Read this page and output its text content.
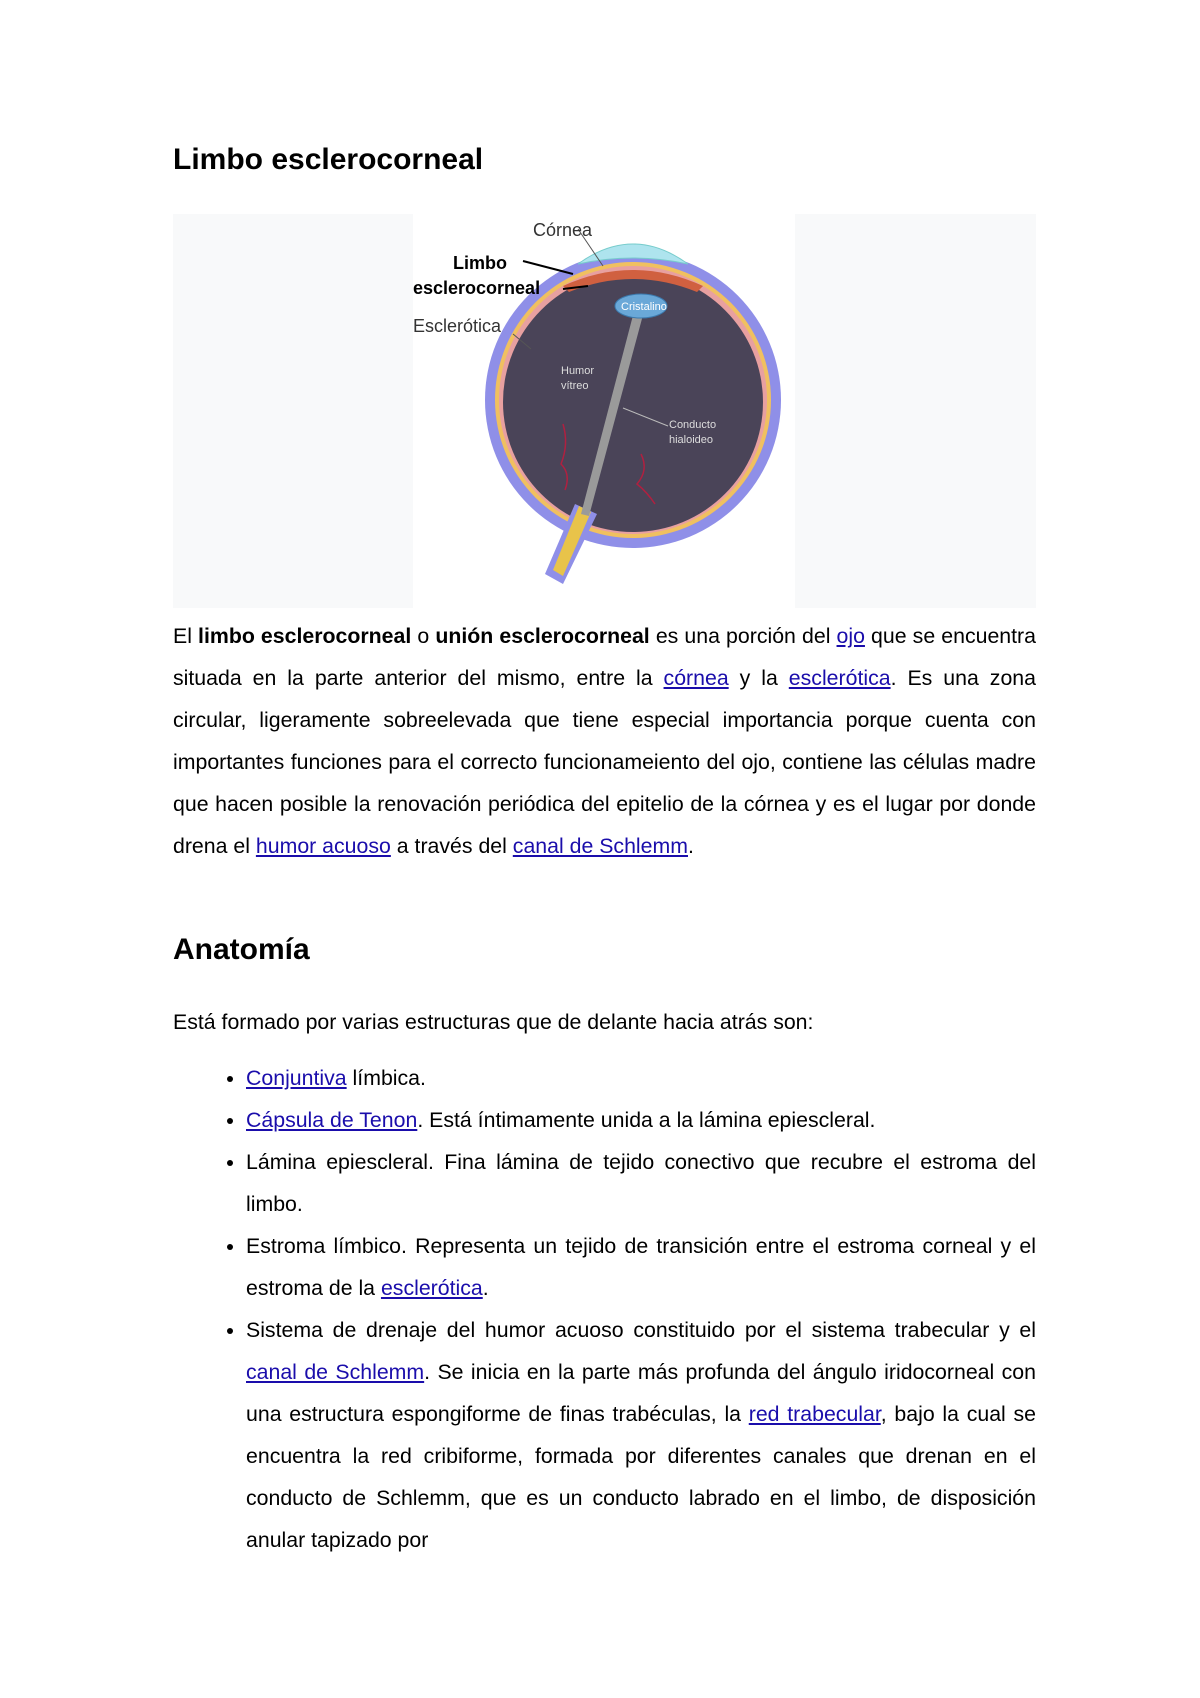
Limbo esclerocorneal
Córnea
Limbo
esclerocorneal
Esclerótica
Cristalino
Humor
vítreo
Conducto
hialoideo

El limbo esclerocorneal o unión esclerocorneal es una porción del ojo que se encuentra situada en la parte anterior del mismo, entre la córnea y la esclerótica. Es una zona circular, ligeramente sobreelevada que tiene especial importancia porque cuenta con importantes funciones para el correcto funcionameiento del ojo, contiene las células madre que hacen posible la renovación periódica del epitelio de la córnea y es el lugar por donde drena el humor acuoso a través del canal de Schlemm.

Anatomía

Está formado por varias estructuras que de delante hacia atrás son:

• Conjuntiva límbica.
• Cápsula de Tenon. Está íntimamente unida a la lámina epiescleral.
• Lámina epiescleral. Fina lámina de tejido conectivo que recubre el estroma del limbo.
• Estroma límbico. Representa un tejido de transición entre el estroma corneal y el estroma de la esclerótica.
• Sistema de drenaje del humor acuoso constituido por el sistema trabecular y el canal de Schlemm. Se inicia en la parte más profunda del ángulo iridocorneal con una estructura espongiforme de finas trabéculas, la red trabecular, bajo la cual se encuentra la red cribiforme, formada por diferentes canales que drenan en el conducto de Schlemm, que es un conducto labrado en el limbo, de disposición anular tapizado por
